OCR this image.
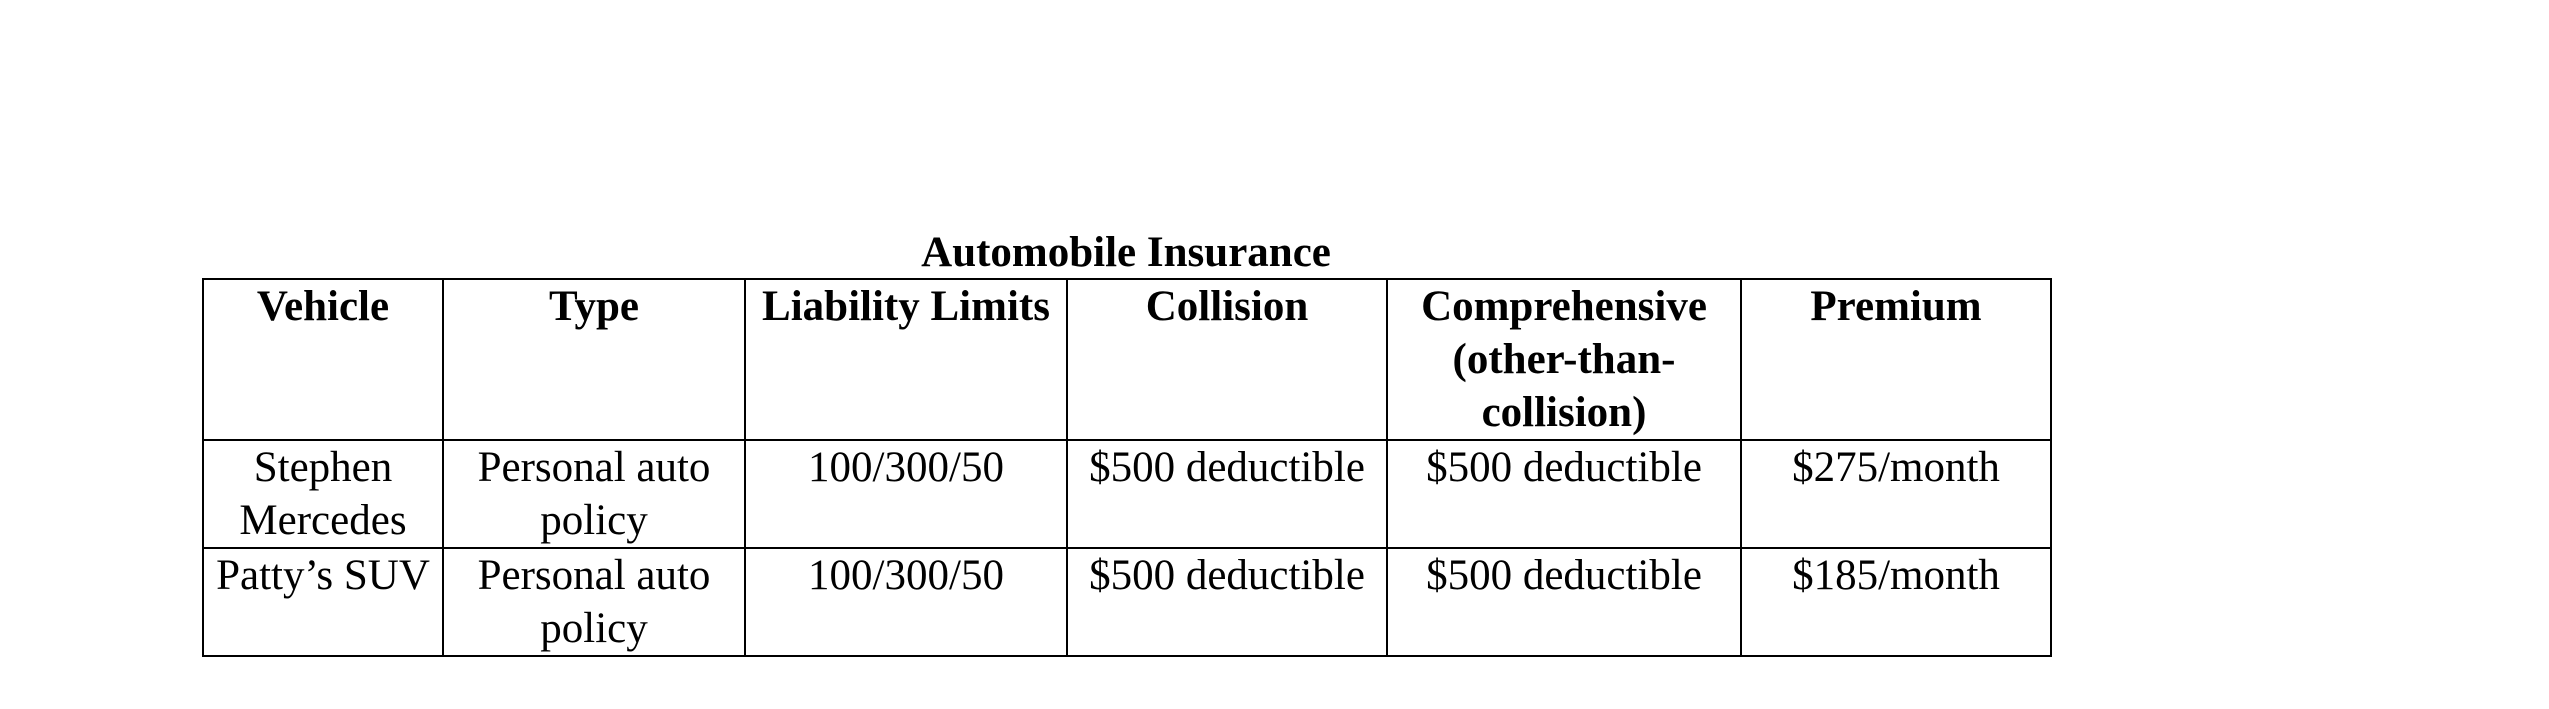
Automobile Insurance
Vehicle	Type	Liability Limits	Collision	Comprehensive (other-than-collision)	Premium
Stephen Mercedes	Personal auto policy	100/300/50	$500 deductible	$500 deductible	$275/month
Patty’s SUV	Personal auto policy	100/300/50	$500 deductible	$500 deductible	$185/month
